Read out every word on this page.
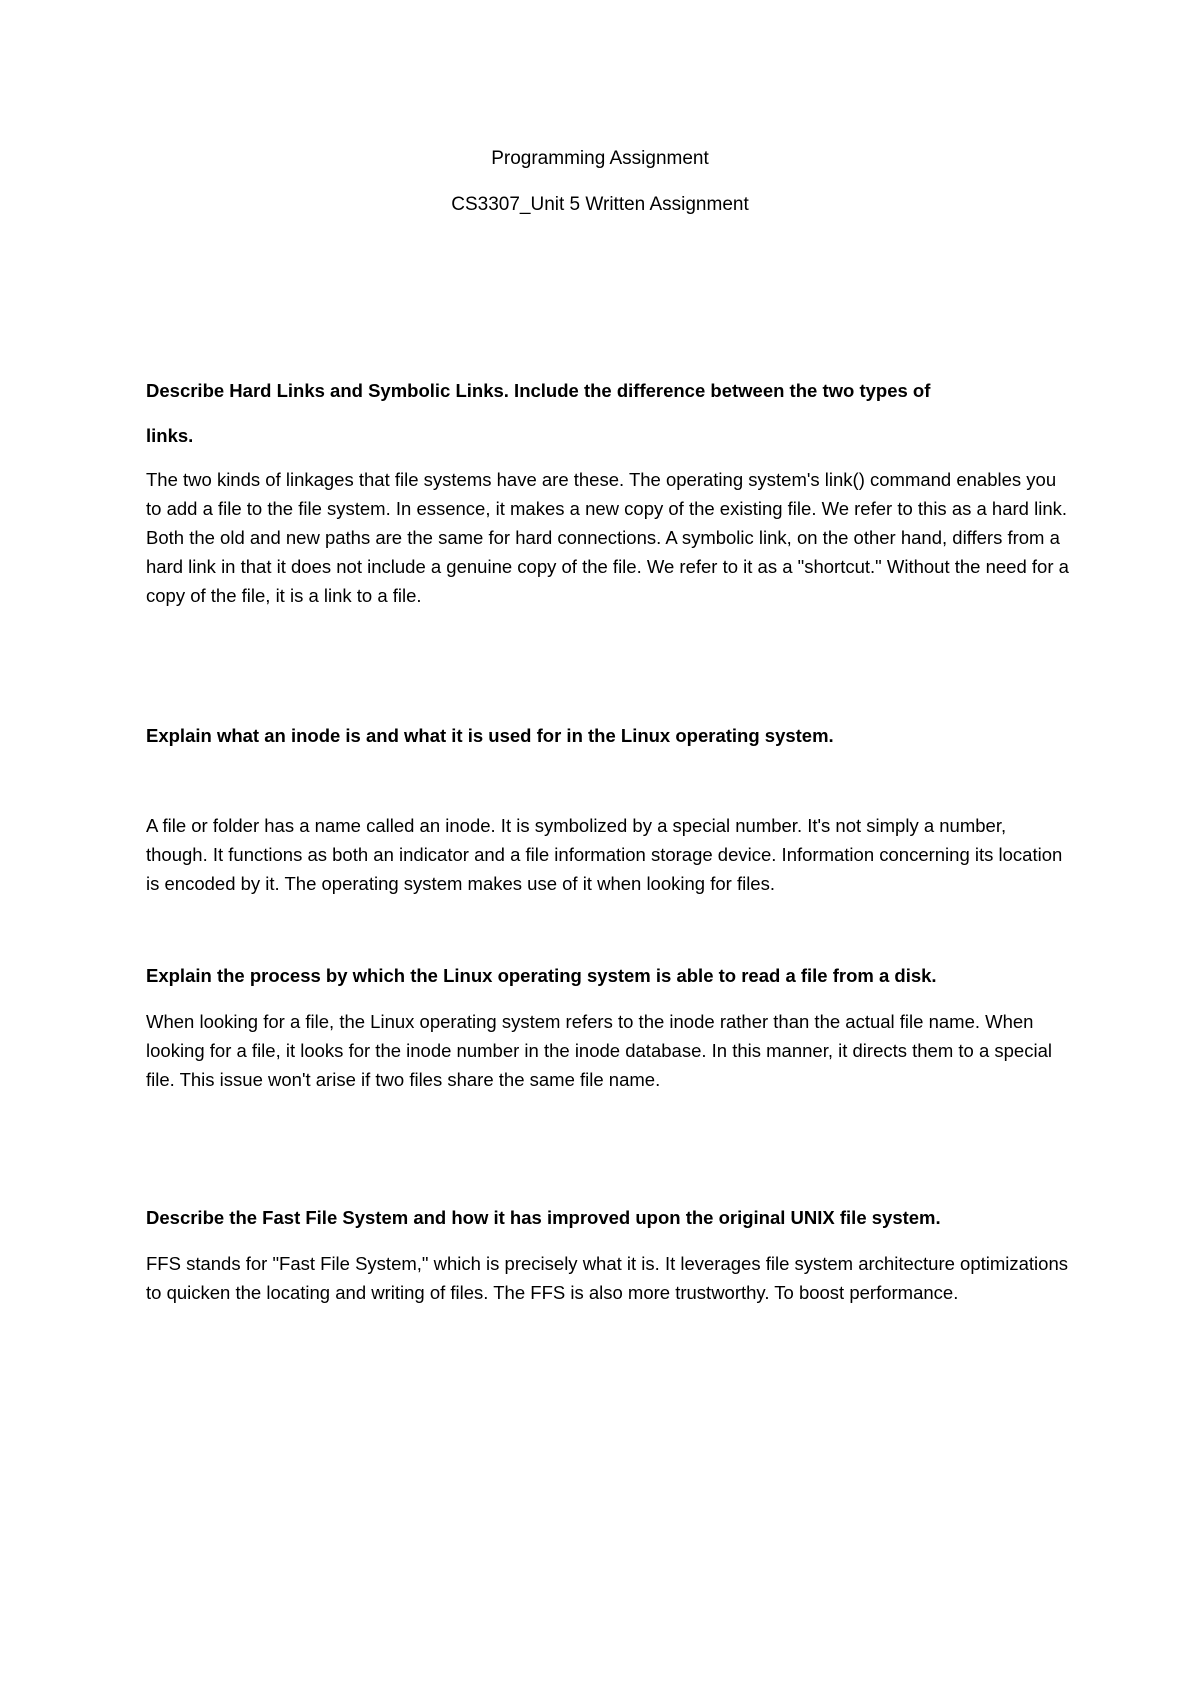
Programming Assignment
CS3307_Unit 5 Written Assignment

Describe Hard Links and Symbolic Links. Include the difference between the two types of

links.

The two kinds of linkages that file systems have are these. The operating system's link() command enables you to add a file to the file system. In essence, it makes a new copy of the existing file. We refer to this as a hard link. Both the old and new paths are the same for hard connections. A symbolic link, on the other hand, differs from a hard link in that it does not include a genuine copy of the file. We refer to it as a "shortcut." Without the need for a copy of the file, it is a link to a file.

Explain what an inode is and what it is used for in the Linux operating system.

A file or folder has a name called an inode. It is symbolized by a special number. It's not simply a number, though. It functions as both an indicator and a file information storage device. Information concerning its location is encoded by it. The operating system makes use of it when looking for files.

Explain the process by which the Linux operating system is able to read a file from a disk.

When looking for a file, the Linux operating system refers to the inode rather than the actual file name. When looking for a file, it looks for the inode number in the inode database. In this manner, it directs them to a special file. This issue won't arise if two files share the same file name.

Describe the Fast File System and how it has improved upon the original UNIX file system.

FFS stands for "Fast File System," which is precisely what it is. It leverages file system architecture optimizations to quicken the locating and writing of files. The FFS is also more trustworthy. To boost performance.
